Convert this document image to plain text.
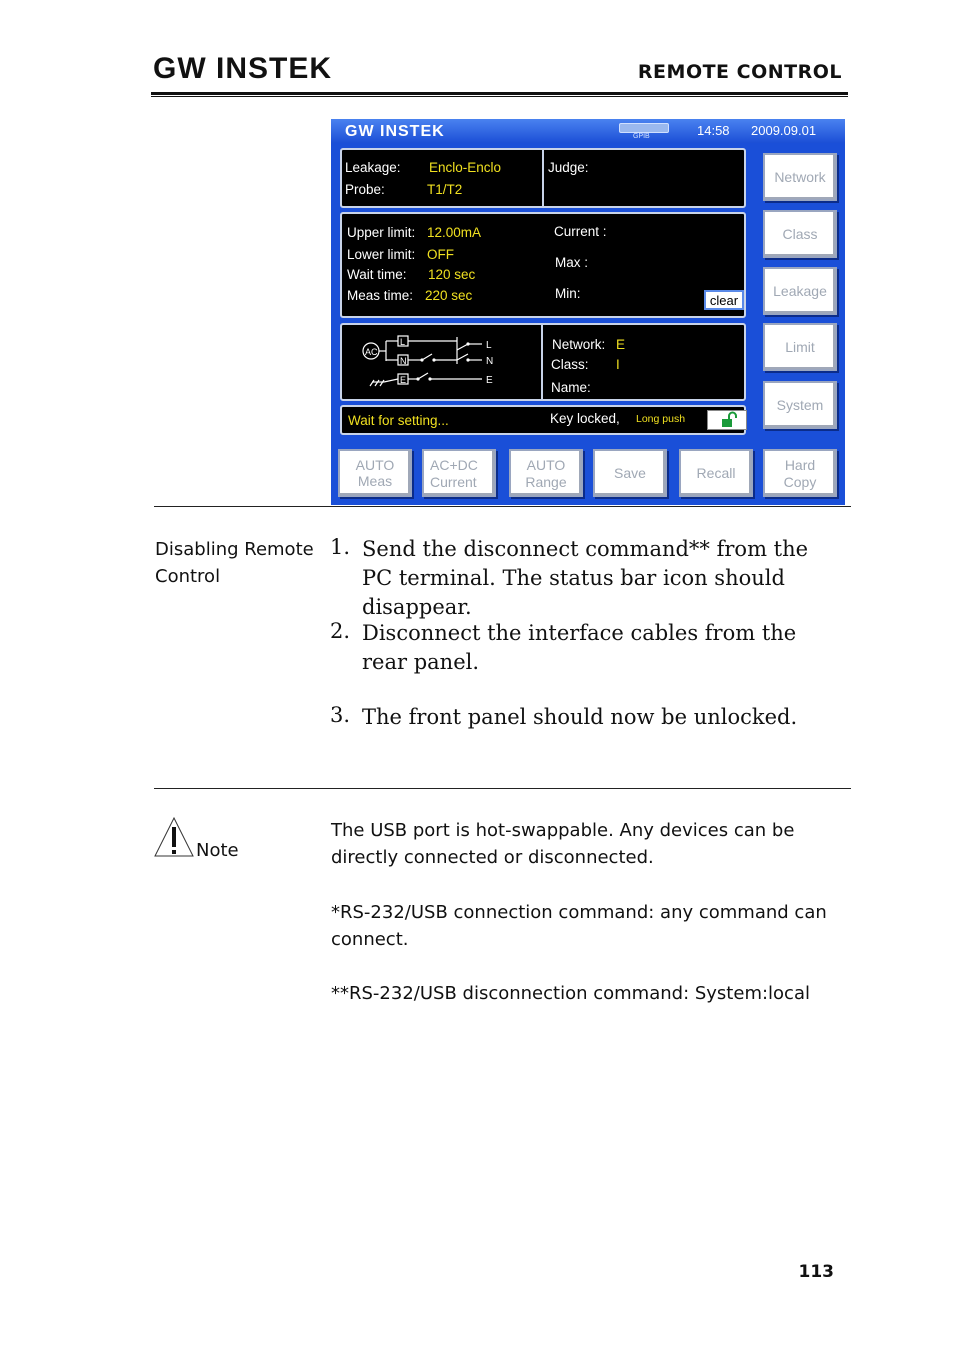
GW INSTEK	REMOTE CONTROL
GW INSTEK	GPIB	14:58 2009.09.01
Leakage: Enclo-Enclo
Probe:	T1/T2
Judge:
Upper limit: 12.00mA
Lower limit: OFF
Wait time: 120 sec
Meas time: 220 sec
Current :
Max :
Min:	clear
AC
L
N
E
L
N
E
Network: E
Class: I
Name:
Wait for setting...	Key locked, Long push
Network
Class
Leakage
Limit
System
AUTO
Meas
AC+DC
Current
AUTO
Range
Save	Recall	Hard
Copy
Disabling Remote
Control
1. Send the disconnect command** from the PC terminal. The status bar icon should disappear.
2. Disconnect the interface cables from the rear panel.
3. The front panel should now be unlocked.
Note
The USB port is hot-swappable. Any devices can be directly connected or disconnected.
*RS-232/USB connection command: any command can connect.
**RS-232/USB disconnection command: System:local
113
